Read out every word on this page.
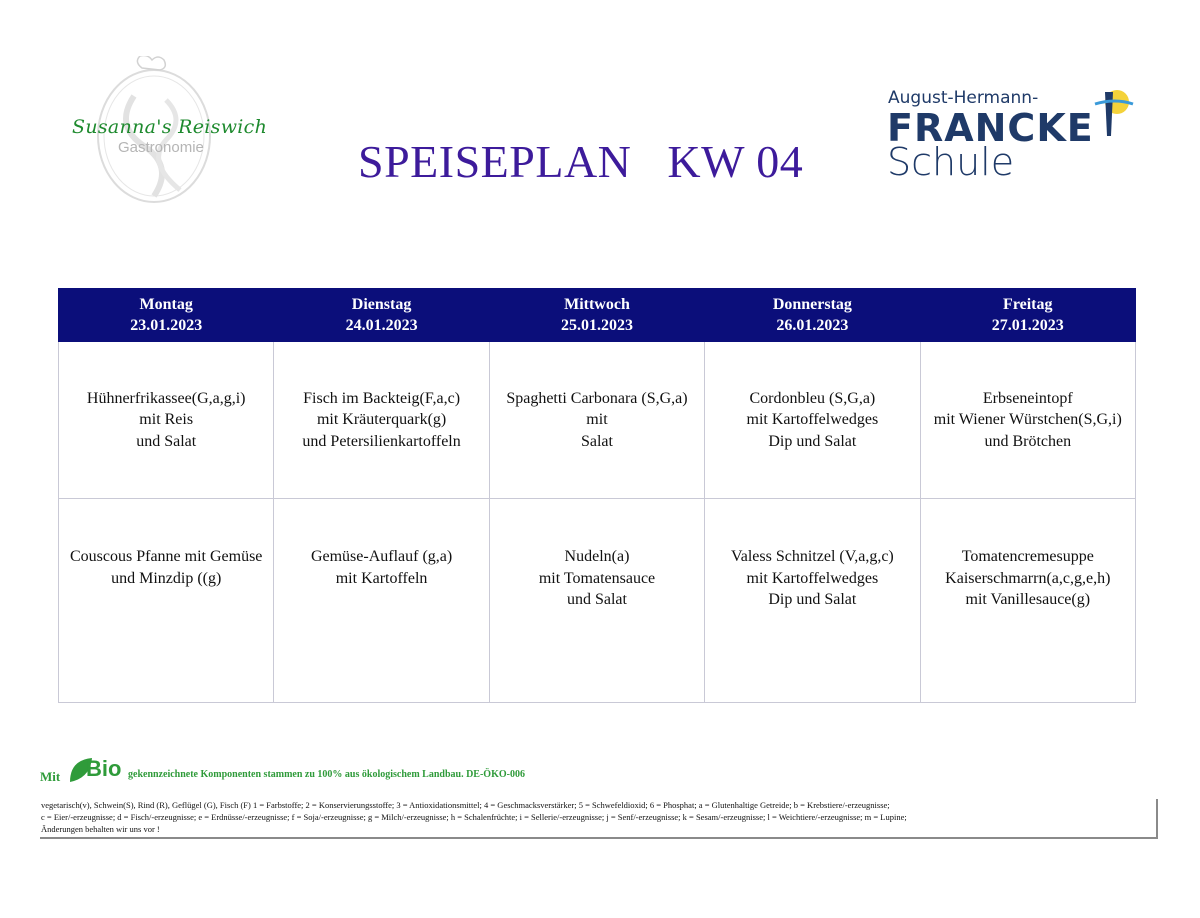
Susanna's Reiswich
Gastronomie	SPEISEPLAN   KW 04
August-Hermann-
FRANCKE
Schule
Montag
23.01.2023	Dienstag
24.01.2023	Mittwoch
25.01.2023	Donnerstag
26.01.2023	Freitag
27.01.2023

Hühnerfrikassee(G,a,g,i)
mit Reis
und Salat	Fisch im Backteig(F,a,c)
mit Kräuterquark(g)
und Petersilienkartoffeln	Spaghetti Carbonara (S,G,a)
mit
Salat	Cordonbleu (S,G,a)
mit Kartoffelwedges
Dip und Salat	Erbseneintopf
mit Wiener Würstchen(S,G,i)
und Brötchen

Couscous Pfanne mit Gemüse
und Minzdip ((g)	Gemüse-Auflauf (g,a)
mit Kartoffeln	Nudeln(a)
mit Tomatensauce
und Salat	Valess Schnitzel (V,a,g,c)
mit Kartoffelwedges
Dip und Salat	Tomatencremesuppe
Kaiserschmarrn(a,c,g,e,h)
mit Vanillesauce(g)
Mit Bio gekennzeichnete Komponenten stammen zu 100% aus ökologischem Landbau. DE-ÖKO-006
vegetarisch(v), Schwein(S), Rind (R), Geflügel (G), Fisch (F) 1 = Farbstoffe; 2 = Konservierungsstoffe; 3 = Antioxidationsmittel; 4 = Geschmacksverstärker; 5 = Schwefeldioxid; 6 = Phosphat; a = Glutenhaltige Getreide; b = Krebstiere/-erzeugnisse;
c = Eier/-erzeugnisse; d = Fisch/-erzeugnisse; e = Erdnüsse/-erzeugnisse; f = Soja/-erzeugnisse; g = Milch/-erzeugnisse; h = Schalenfrüchte; i = Sellerie/-erzeugnisse; j = Senf/-erzeugnisse; k = Sesam/-erzeugnisse; l = Weichtiere/-erzeugnisse; m = Lupine;
Änderungen behalten wir uns vor !
